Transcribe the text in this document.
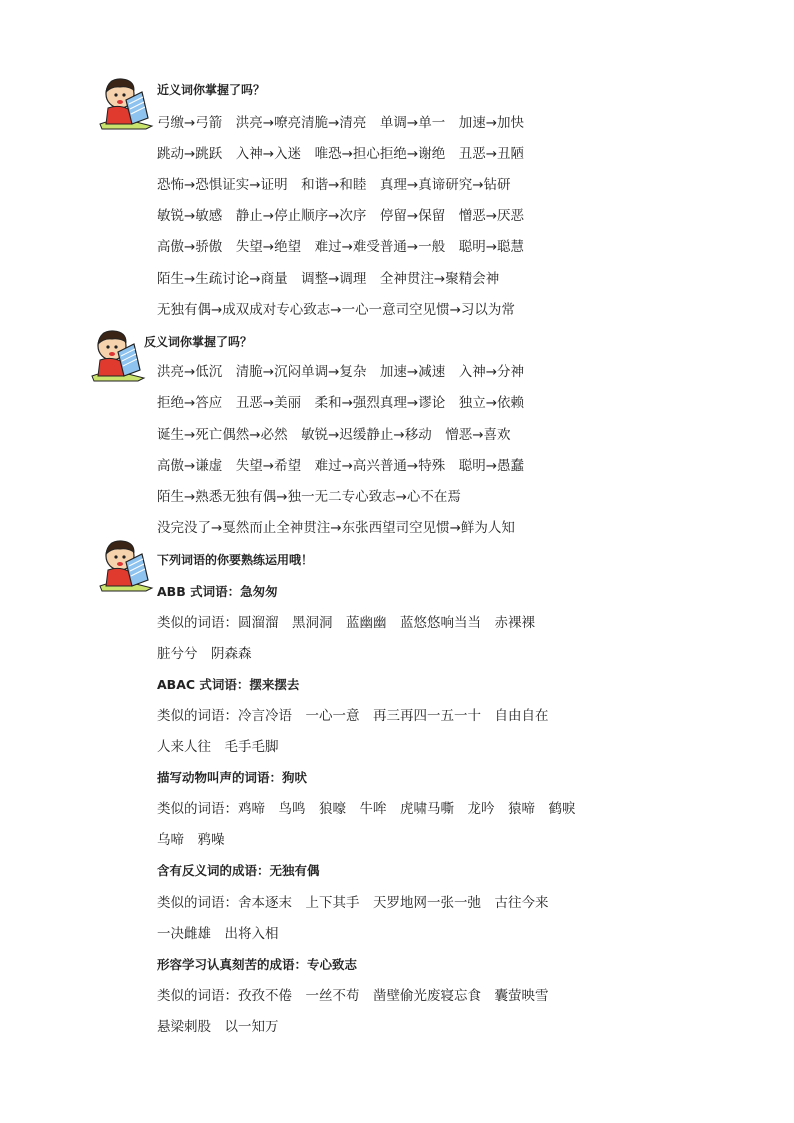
近义词你掌握了吗？
弓缴→弓箭　洪亮→嘹亮清脆→清亮　单调→单一　加速→加快
跳动→跳跃　入神→入迷　唯恐→担心拒绝→谢绝　丑恶→丑陋
恐怖→恐惧证实→证明　和谐→和睦　真理→真谛研究→钻研
敏锐→敏感　静止→停止顺序→次序　停留→保留　憎恶→厌恶
高傲→骄傲　失望→绝望　难过→难受普通→一般　聪明→聪慧
陌生→生疏讨论→商量　调整→调理　全神贯注→聚精会神
无独有偶→成双成对专心致志→一心一意司空见惯→习以为常
反义词你掌握了吗？
洪亮→低沉　清脆→沉闷单调→复杂　加速→减速　入神→分神
拒绝→答应　丑恶→美丽　柔和→强烈真理→谬论　独立→依赖
诞生→死亡偶然→必然　敏锐→迟缓静止→移动　憎恶→喜欢
高傲→谦虚　失望→希望　难过→高兴普通→特殊　聪明→愚蠢
陌生→熟悉无独有偶→独一无二专心致志→心不在焉
没完没了→戛然而止全神贯注→东张西望司空见惯→鲜为人知
下列词语的你要熟练运用哦！
ABB 式词语：急匆匆
类似的词语：圆溜溜　黑洞洞　蓝幽幽　蓝悠悠响当当　赤裸裸
脏兮兮　阴森森
ABAC 式词语：摆来摆去
类似的词语：冷言冷语　一心一意　再三再四一五一十　自由自在
人来人往　毛手毛脚
描写动物叫声的词语：狗吠
类似的词语：鸡啼　鸟鸣　狼嚎　牛哞　虎啸马嘶　龙吟　猿啼　鹤唳
乌啼　鸦噪
含有反义词的成语：无独有偶
类似的词语：舍本逐末　上下其手　天罗地网一张一弛　古往今来
一决雌雄　出将入相
形容学习认真刻苦的成语：专心致志
类似的词语：孜孜不倦　一丝不苟　凿壁偷光废寝忘食　囊萤映雪
悬梁刺股　以一知万
